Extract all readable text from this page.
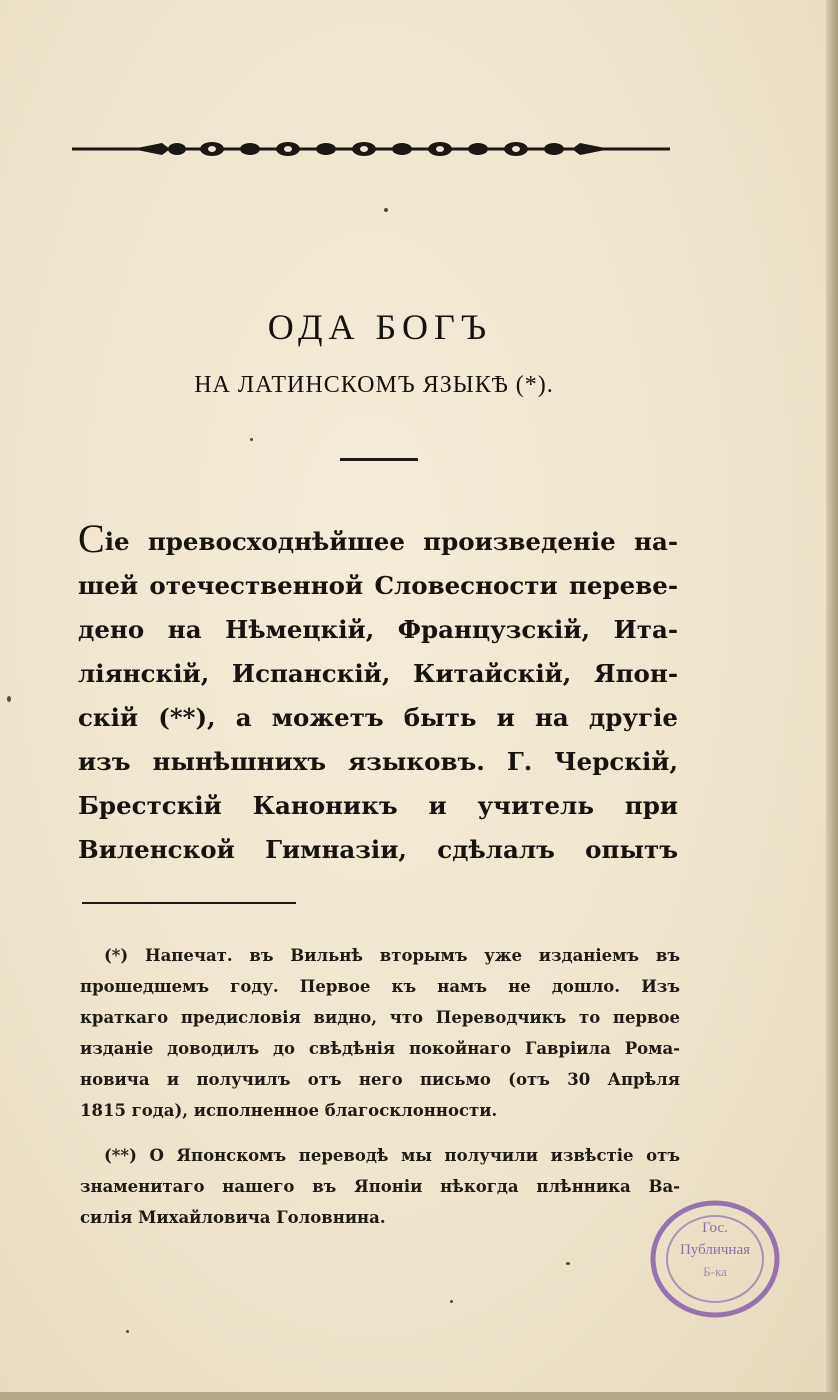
ОДА БОГЪ
НА ЛАТИНСКОМЪ ЯЗЫКѢ (*).
Сie превосходнѣйшее произведенie на-
шей отечественной Словесности переве-
дено на Нѣмецкій, Французскій, Ита-
лiянскій, Испанскій, Китайскій, Япон-
скій (**), а можетъ быть и на другiе
изъ нынѣшнихъ языковъ. Г. Черскій,
Брестскій Каноникъ и учитель при
Виленской Гимназiи, сдѣлалъ опытъ
(*) Напечат. въ Вильнѣ вторымъ уже изданiемъ въ
прошедшемъ году. Первое къ намъ не дошло. Изъ
краткаго предисловiя видно, что Переводчикъ то первое
изданiе доводилъ до свѣдѣнія покойнаго Гаврiила Рома-
новича и получилъ отъ него письмо (отъ 30 Апрѣля
1815 года), исполненное благосклонности.
(**) О Японскомъ переводѣ мы получили извѣстіе отъ
знаменитаго нашего въ Японiи нѣкогда плѣнника Ва-
силiя Михайловича Головнина.
Гос.
Публичная
Б-ка
